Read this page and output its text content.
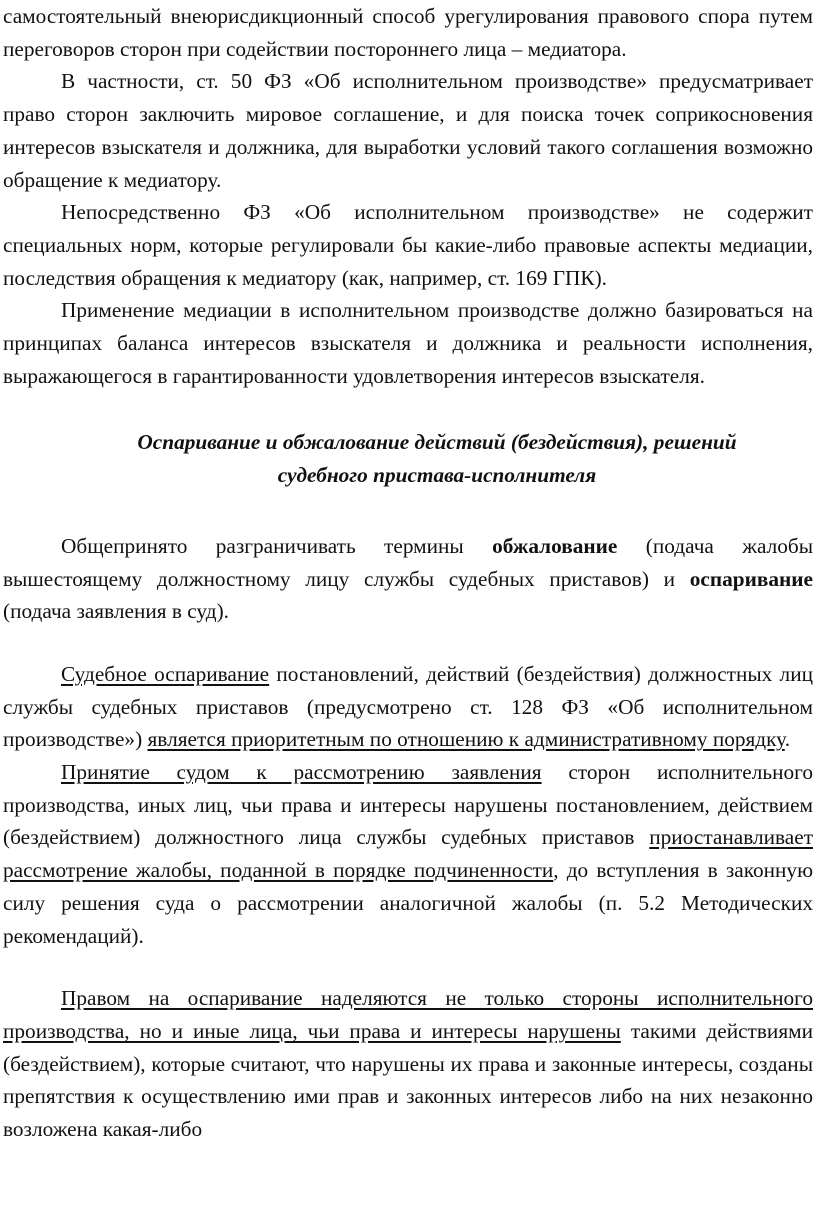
самостоятельный внеюрисдикционный способ урегулирования правового спора путем переговоров сторон при содействии постороннего лица – медиатора.

В частности, ст. 50 ФЗ «Об исполнительном производстве» предусматривает право сторон заключить мировое соглашение, и для поиска точек соприкосновения интересов взыскателя и должника, для выработки условий такого соглашения возможно обращение к медиатору.

Непосредственно ФЗ «Об исполнительном производстве» не содержит специальных норм, которые регулировали бы какие-либо правовые аспекты медиации, последствия обращения к медиатору (как, например, ст. 169 ГПК).

Применение медиации в исполнительном производстве должно базироваться на принципах баланса интересов взыскателя и должника и реальности исполнения, выражающегося в гарантированности удовлетворения интересов взыскателя.

Оспаривание и обжалование действий (бездействия), решений
судебного пристава-исполнителя

Общепринято разграничивать термины обжалование (подача жалобы вышестоящему должностному лицу службы судебных приставов) и оспаривание (подача заявления в суд).

Судебное оспаривание постановлений, действий (бездействия) должностных лиц службы судебных приставов (предусмотрено ст. 128 ФЗ «Об исполнительном производстве») является приоритетным по отношению к административному порядку.

Принятие судом к рассмотрению заявления сторон исполнительного производства, иных лиц, чьи права и интересы нарушены постановлением, действием (бездействием) должностного лица службы судебных приставов приостанавливает рассмотрение жалобы, поданной в порядке подчиненности, до вступления в законную силу решения суда о рассмотрении аналогичной жалобы (п. 5.2 Методических рекомендаций).

Правом на оспаривание наделяются не только стороны исполнительного производства, но и иные лица, чьи права и интересы нарушены такими действиями (бездействием), которые считают, что нарушены их права и законные интересы, созданы препятствия к осуществлению ими прав и законных интересов либо на них незаконно возложена какая-либо
